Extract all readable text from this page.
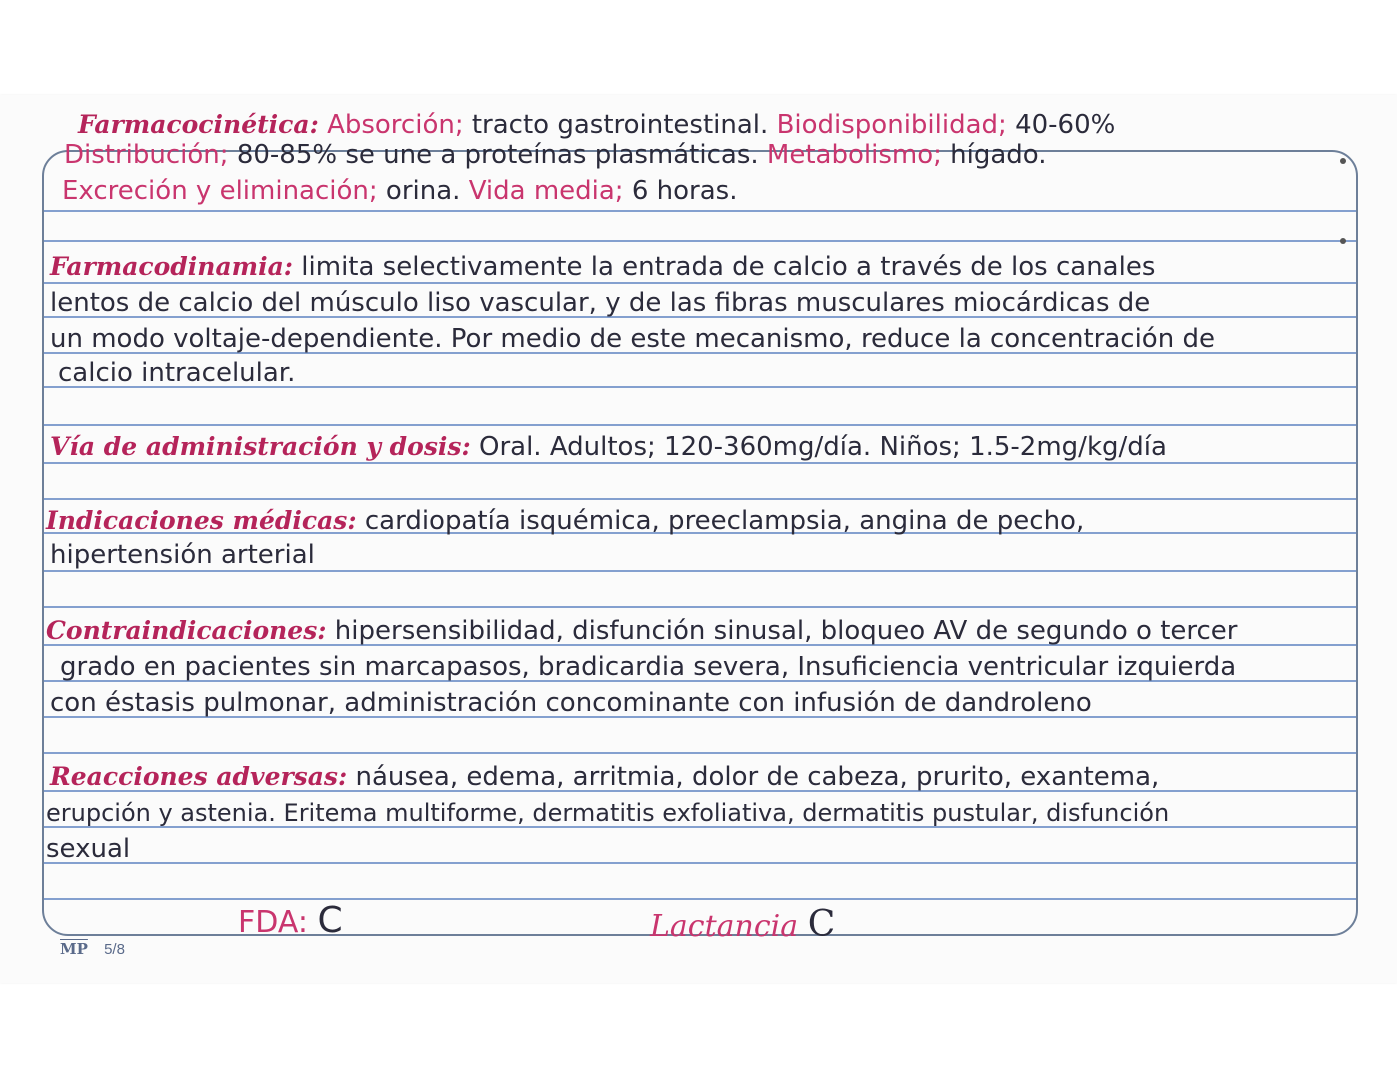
Farmacocinética: Absorción; tracto gastrointestinal. Biodisponibilidad; 40-60%
Distribución; 80-85% se une a proteínas plasmáticas. Metabolismo; hígado.
Excreción y eliminación; orina. Vida media; 6 horas.
Farmacodinamia: limita selectivamente la entrada de calcio a través de los canales
lentos de calcio del músculo liso vascular, y de las fibras musculares miocárdicas de
un modo voltaje-dependiente. Por medio de este mecanismo, reduce la concentración de
calcio intracelular.
Vía de administración y dosis: Oral. Adultos; 120-360mg/día. Niños; 1.5-2mg/kg/día
Indicaciones médicas: cardiopatía isquémica, preeclampsia, angina de pecho,
hipertensión arterial
Contraindicaciones: hipersensibilidad, disfunción sinusal, bloqueo AV de segundo o tercer
grado en pacientes sin marcapasos, bradicardia severa, Insuficiencia ventricular izquierda
con éstasis pulmonar, administración concominante con infusión de dandroleno
Reacciones adversas: náusea, edema, arritmia, dolor de cabeza, prurito, exantema,
erupción y astenia. Eritema multiforme, dermatitis exfoliativa, dermatitis pustular, disfunción
sexual
FDA: C	Lactancia C
$\overline{MP}$ 5/8
